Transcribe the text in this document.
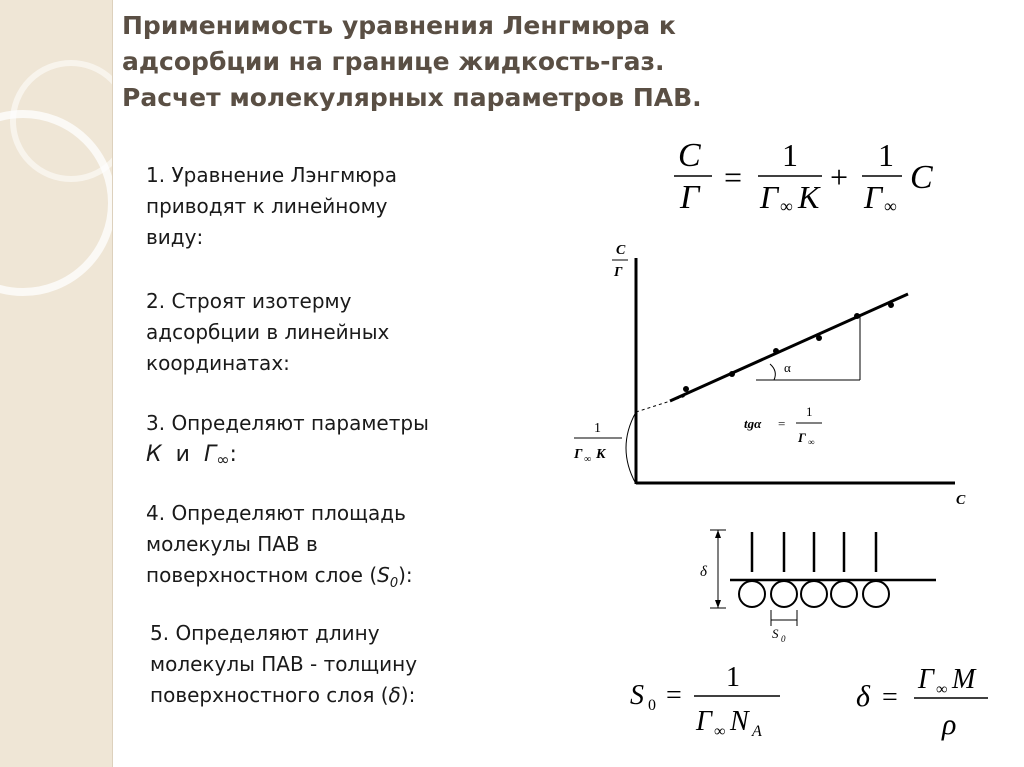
Применимость уравнения Ленгмюра к
адсорбции на границе жидкость-газ.
Расчет молекулярных параметров ПАВ.
1. Уравнение Лэнгмюра
приводят к линейному
виду:
2. Строят изотерму
адсорбции в линейных
координатах:
3. Определяют параметры
К и Г∞:
4. Определяют площадь
молекулы ПАВ в
поверхностном слое $(S_0)$:
5. Определяют длину
молекулы ПАВ - толщину
поверхностного слоя (δ):
C
Г
=
1
Г ∞ К
+
1
Г ∞
C
C
Г
C
α
1
Г ∞ К
tgα =
1
Г ∞
δ
S 0
S 0 =
1
Г ∞ N A
δ =
Г ∞ М
ρ
